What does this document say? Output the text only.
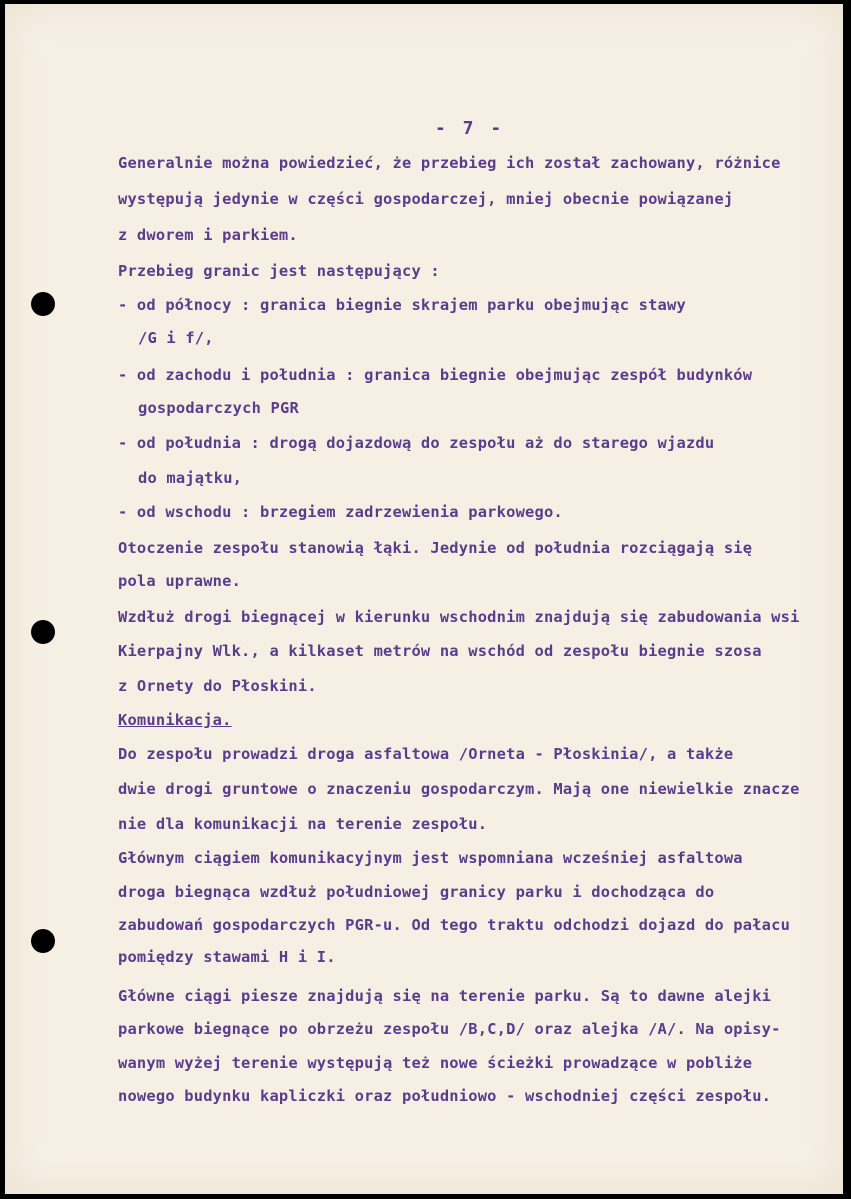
- 7 -
Generalnie można powiedzieć, że przebieg ich został zachowany, różnice
występują jedynie w części gospodarczej, mniej obecnie powiązanej
z dworem i parkiem.
Przebieg granic jest następujący :
- od północy : granica biegnie skrajem parku obejmując stawy
/G i f/,
- od zachodu i południa : granica biegnie obejmując zespół budynków
gospodarczych PGR
- od południa : drogą dojazdową do zespołu aż do starego wjazdu
do majątku,
- od wschodu : brzegiem zadrzewienia parkowego.
Otoczenie zespołu stanowią łąki. Jedynie od południa rozciągają się
pola uprawne.
Wzdłuż drogi biegnącej w kierunku wschodnim znajdują się zabudowania wsi
Kierpajny Wlk., a kilkaset metrów na wschód od zespołu biegnie szosa
z Ornety do Płoskini.
Komunikacja.
Do zespołu prowadzi droga asfaltowa /Orneta - Płoskinia/, a także
dwie drogi gruntowe o znaczeniu gospodarczym. Mają one niewielkie znacze
nie dla komunikacji na terenie zespołu.
Głównym ciągiem komunikacyjnym jest wspomniana wcześniej asfaltowa
droga biegnąca wzdłuż południowej granicy parku i dochodząca do
zabudowań gospodarczych PGR-u. Od tego traktu odchodzi dojazd do pałacu
pomiędzy stawami H i I.
Główne ciągi piesze znajdują się na terenie parku. Są to dawne alejki
parkowe biegnące po obrzeżu zespołu /B,C,D/ oraz alejka /A/. Na opisy-
wanym wyżej terenie występują też nowe ścieżki prowadzące w pobliże
nowego budynku kapliczki oraz południowo - wschodniej części zespołu.
